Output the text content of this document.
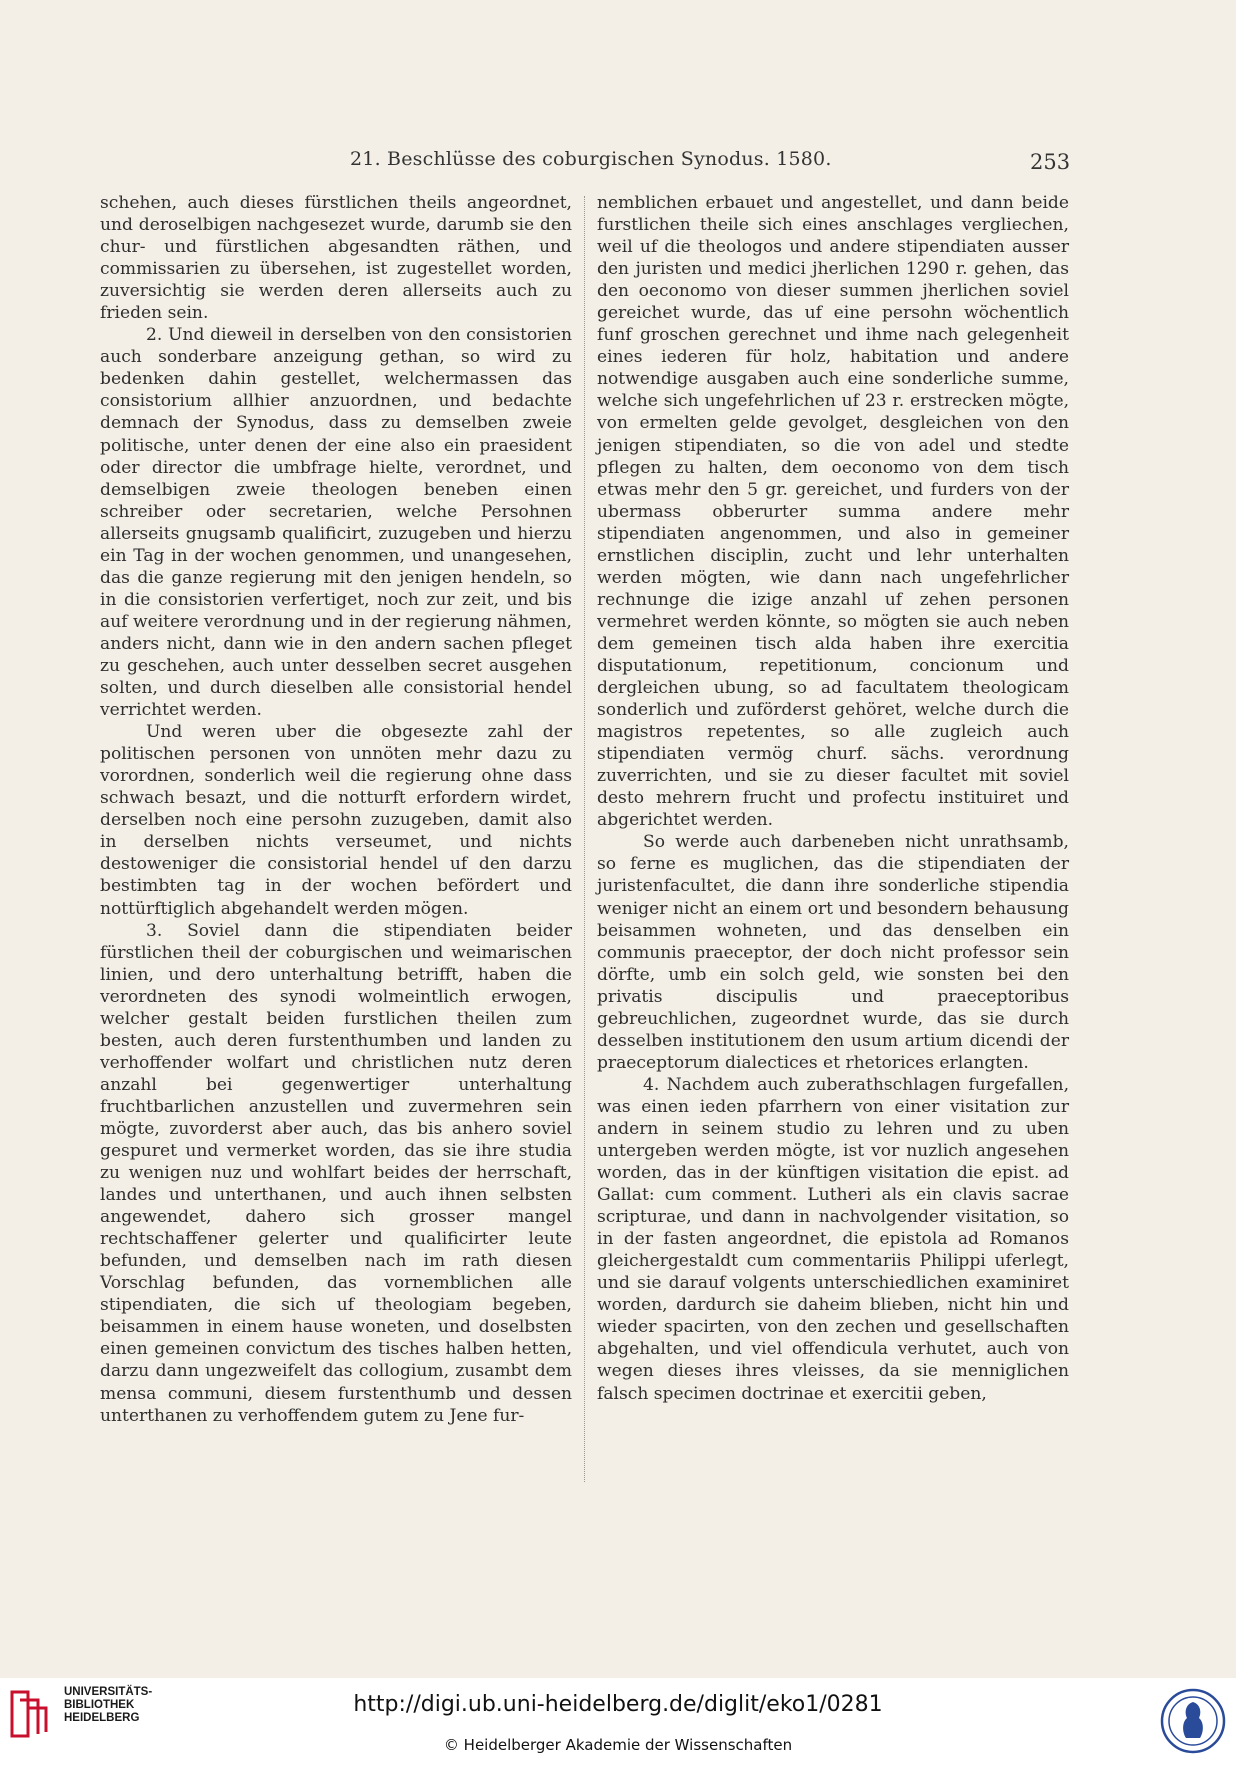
21. Beschlüsse des coburgischen Synodus. 1580.	253

schehen, auch dieses fürstlichen theils angeordnet, und deroselbigen nachgesezet wurde, darumb sie den chur- und fürstlichen abgesandten räthen, und commissarien zu übersehen, ist zugestellet worden, zuversichtig sie werden deren allerseits auch zu frieden sein.

2. Und dieweil in derselben von den consistorien auch sonderbare anzeigung gethan, so wird zu bedenken dahin gestellet, welchermassen das consistorium allhier anzuordnen, und bedachte demnach der Synodus, dass zu demselben zweie politische, unter denen der eine also ein praesident oder director die umbfrage hielte, verordnet, und demselbigen zweie theologen beneben einen schreiber oder secretarien, welche Persohnen allerseits gnugsamb qualificirt, zuzugeben und hierzu ein Tag in der wochen genommen, und unangesehen, das die ganze regierung mit den jenigen hendeln, so in die consistorien verfertiget, noch zur zeit, und bis auf weitere verordnung und in der regierung nähmen, anders nicht, dann wie in den andern sachen pfleget zu geschehen, auch unter desselben secret ausgehen solten, und durch dieselben alle consistorial hendel verrichtet werden.

Und weren uber die obgesezte zahl der politischen personen von unnöten mehr dazu zu vorordnen, sonderlich weil die regierung ohne dass schwach besazt, und die notturft erfordern wirdet, derselben noch eine persohn zuzugeben, damit also in derselben nichts verseumet, und nichts destoweniger die consistorial hendel uf den darzu bestimbten tag in der wochen befördert und nottürftiglich abgehandelt werden mögen.

3. Soviel dann die stipendiaten beider fürstlichen theil der coburgischen und weimarischen linien, und dero unterhaltung betrifft, haben die verordneten des synodi wolmeintlich erwogen, welcher gestalt beiden furstlichen theilen zum besten, auch deren furstenthumben und landen zu verhoffender wolfart und christlichen nutz deren anzahl bei gegenwertiger unterhaltung fruchtbarlichen anzustellen und zuvermehren sein mögte, zuvorderst aber auch, das bis anhero soviel gespuret und vermerket worden, das sie ihre studia zu wenigen nuz und wohlfart beides der herrschaft, landes und unterthanen, und auch ihnen selbsten angewendet, dahero sich grosser mangel rechtschaffener gelerter und qualificirter leute befunden, und demselben nach im rath diesen Vorschlag befunden, das vornemblichen alle stipendiaten, die sich uf theologiam begeben, beisammen in einem hause woneten, und doselbsten einen gemeinen convictum des tisches halben hetten, darzu dann ungezweifelt das collogium, zusambt dem mensa communi, diesem furstenthumb und dessen unterthanen zu verhoffendem gutem zu Jene fur-

nemblichen erbauet und angestellet, und dann beide furstlichen theile sich eines anschlages vergliechen, weil uf die theologos und andere stipendiaten ausser den juristen und medici jherlichen 1290 r. gehen, das den oeconomo von dieser summen jherlichen soviel gereichet wurde, das uf eine persohn wöchentlich funf groschen gerechnet und ihme nach gelegenheit eines iederen für holz, habitation und andere notwendige ausgaben auch eine sonderliche summe, welche sich ungefehrlichen uf 23 r. erstrecken mögte, von ermelten gelde gevolget, desgleichen von den jenigen stipendiaten, so die von adel und stedte pflegen zu halten, dem oeconomo von dem tisch etwas mehr den 5 gr. gereichet, und furders von der ubermass obberurter summa andere mehr stipendiaten angenommen, und also in gemeiner ernstlichen disciplin, zucht und lehr unterhalten werden mögten, wie dann nach ungefehrlicher rechnunge die izige anzahl uf zehen personen vermehret werden könnte, so mögten sie auch neben dem gemeinen tisch alda haben ihre exercitia disputationum, repetitionum, concionum und dergleichen ubung, so ad facultatem theologicam sonderlich und zuförderst gehöret, welche durch die magistros repetentes, so alle zugleich auch stipendiaten vermög churf. sächs. verordnung zuverrichten, und sie zu dieser facultet mit soviel desto mehrern frucht und profectu instituiret und abgerichtet werden.

So werde auch darbeneben nicht unrathsamb, so ferne es muglichen, das die stipendiaten der juristenfacultet, die dann ihre sonderliche stipendia weniger nicht an einem ort und besondern behausung beisammen wohneten, und das denselben ein communis praeceptor, der doch nicht professor sein dörfte, umb ein solch geld, wie sonsten bei den privatis discipulis und praeceptoribus gebreuchlichen, zugeordnet wurde, das sie durch desselben institutionem den usum artium dicendi der praeceptorum dialectices et rhetorices erlangten.

4. Nachdem auch zuberathschlagen furgefallen, was einen ieden pfarrhern von einer visitation zur andern in seinem studio zu lehren und zu uben untergeben werden mögte, ist vor nuzlich angesehen worden, das in der künftigen visitation die epist. ad Gallat: cum comment. Lutheri als ein clavis sacrae scripturae, und dann in nachvolgender visitation, so in der fasten angeordnet, die epistola ad Romanos gleichergestaldt cum commentariis Philippi uferlegt, und sie darauf volgents unterschiedlichen examiniret worden, dardurch sie daheim blieben, nicht hin und wieder spacirten, von den zechen und gesellschaften abgehalten, und viel offendicula verhutet, auch von wegen dieses ihres vleisses, da sie menniglichen falsch specimen doctrinae et exercitii geben,

UNIVERSITÄTS-
BIBLIOTHEK
HEIDELBERG
http://digi.ub.uni-heidelberg.de/diglit/eko1/0281
© Heidelberger Akademie der Wissenschaften
